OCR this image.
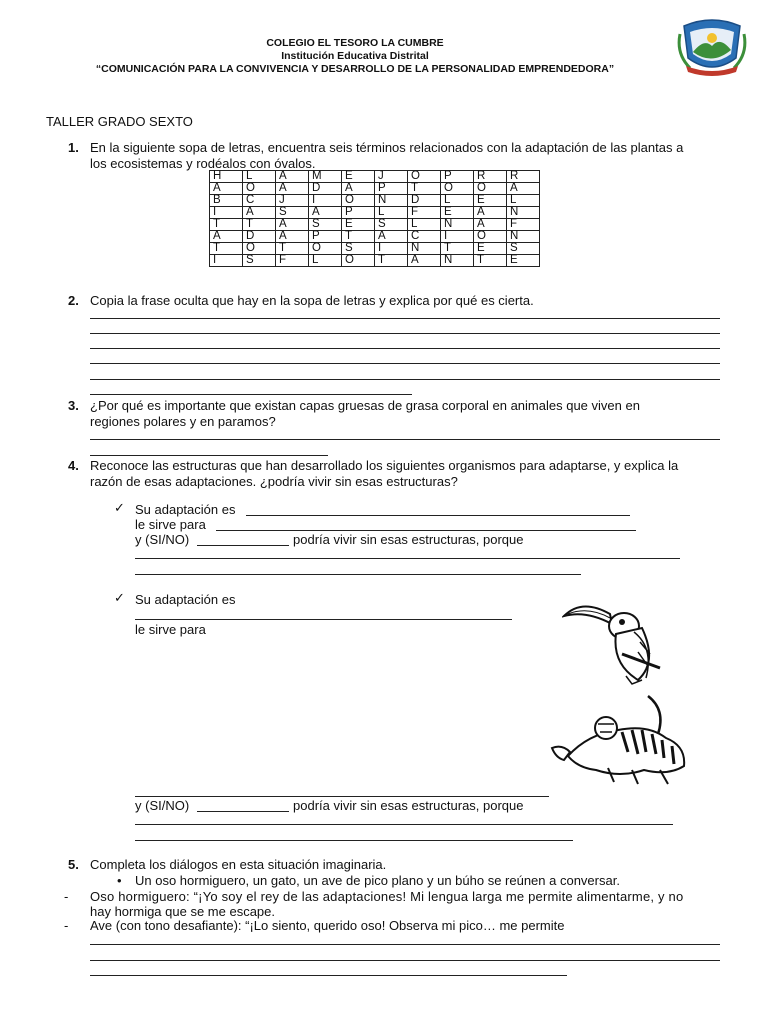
COLEGIO EL TESORO LA CUMBRE
Institución Educativa Distrital
“COMUNICACIÓN PARA LA CONVIVENCIA Y DESARROLLO DE LA PERSONALIDAD EMPRENDEDORA”
TALLER GRADO SEXTO
1. En la siguiente sopa de letras, encuentra seis términos relacionados con la adaptación de las plantas a
los ecosistemas y rodéalos con óvalos.
H	L	A	M	E	J	O	P	R	R
A	O	A	D	A	P	T	O	O	A
B	C	J	I	O	N	D	L	E	L
I	A	S	A	P	L	F	E	A	N
T	T	A	S	E	S	L	N	A	F
A	D	A	P	T	A	C	I	O	N
T	O	T	O	S	I	N	T	E	S
I	S	F	L	O	T	A	N	T	E
2. Copia la frase oculta que hay en la sopa de letras y explica por qué es cierta.
3. ¿Por qué es importante que existan capas gruesas de grasa corporal en animales que viven en
regiones polares y en paramos?
4. Reconoce las estructuras que han desarrollado los siguientes organismos para adaptarse, y explica la
razón de esas adaptaciones. ¿podría vivir sin esas estructuras?
✓ Su adaptación es
le sirve para
y (SI/NO)	podría vivir sin esas estructuras, porque
✓ Su adaptación es
le sirve para
y (SI/NO)	podría vivir sin esas estructuras, porque
5. Completa los diálogos en esta situación imaginaria.
• Un oso hormiguero, un gato, un ave de pico plano y un búho se reúnen a conversar.
- Oso hormiguero: “¡Yo soy el rey de las adaptaciones! Mi lengua larga me permite alimentarme, y no
hay hormiga que se me escape.
- Ave (con tono desafiante): “¡Lo siento, querido oso! Observa mi pico… me permite
